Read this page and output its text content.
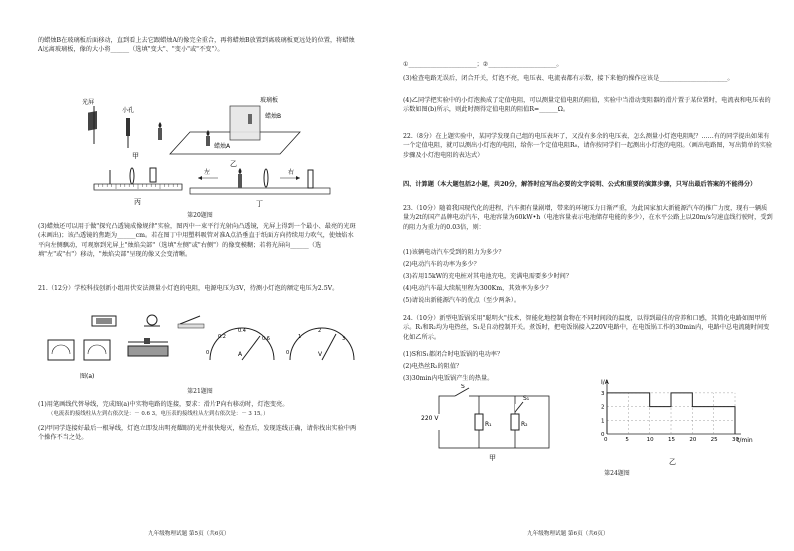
的蜡烛B在玻璃板后面移动，直到看上去它跟蜡烛A的像完全重合，再将蜡烛B放置到离玻璃板更远处的位置，将蜡烛A远离玻璃板，像的大小将______（选填"变大"、"变小"或"不变"）。
光屏
小孔
甲
玻璃板
蜡烛B
蜡烛A
乙
丙
左	右
丁
第20题图
(3)蜡烛还可以用于做"探究凸透镜成像规律"实验，图丙中一束平行光射向凸透镜，光屏上得到一个最小、最亮的光斑(未画出)；该凸透镜的焦距为______cm。若在图丁中用塑料吸管对准A点沿垂直于纸面方向持续用力吹气，使烛焰水平向左侧飘动，可观察到光屏上"烛焰尖部"（选填"左侧"或"右侧"）的像变模糊；若将光屏向______（选填"左"或"右"）移动，"烛焰尖部"呈现的像又会变清晰。
21.（12分）学校科技创新小组用伏安法测量小灯泡的电阻，电源电压为3V，待测小灯泡的额定电压为2.5V。
0
0.2
0.4
0.6
A	0
1
2
3
V
图(a)
第21题图
(1)用笔画线代替导线，完成图(a)中实物电路的连接，要求：滑片P向右移动时，灯泡变亮。
（电流表的接线柱从左到右依次是：－ 0.6 3，电压表的接线柱从左到右依次是：－ 3 15。）
(2)甲同学连接好最后一根导线，灯泡立即发出明亮耀眼的光并很快熄灭，检查后，发现连线正确，请你找出实验中两个操作不当之处。
九年级物理试题 第5页（共6页）
①______________________；②______________________。
(3)检查电路无误后，闭合开关，灯泡不亮，电压表、电流表都有示数，接下来他的操作应该是______________________。
(4)乙同学把实验中的小灯泡换成了定值电阻，可以测量定值电阻的阻值，实验中当滑动变阻器的滑片置于某位置时，电流表和电压表的示数如图(b)所示，则此时测得定值电阻的阻值R=______Ω。
22.（8分）在上题实验中，某同学发现自己组的电压表坏了，又没有多余的电压表，怎么测量小灯泡电阻呢？……有的同学提出如果有一个定值电阻，就可以测出小灯泡的电阻，给你一个定值电阻R₀，请你按同学们一起测出小灯泡的电阻。（画出电路图，写出简单的实验步骤及小灯泡电阻的表达式）
四、计算题（本大题包括2小题，共20分，解答时应写出必要的文字说明、公式和重要的演算步骤，只写出最后答案的不能得分）
23.（10分）随着我国现代化的进程，汽车拥有量剧增，带来的环境压力日渐严重，为此国家加大新能源汽车的推广力度，现有一辆质量为2t的国产品牌电动汽车，电池容量为60kW•h（电池容量表示电池储存电能的多少），在水平公路上以20m/s匀速直线行驶时，受到的阻力为重力的0.03倍，则：
(1)该辆电动汽车受到的阻力为多少？
(2)电动汽车的功率为多少？
(3)若用15kW的充电桩对其电池充电，充满电需要多少时间？
(4)电动汽车最大续航里程为300Km，其效率为多少？
(5)请说出新能源汽车的优点（至少两条）。
24.（10分）新型电饭锅采用"聪明火"技术，智能化地控制食物在不同时间段的温度，以得到最佳的营养和口感，其简化电路如图甲所示。R₁和R₂均为电热丝，S₁是自动控制开关。煮饭时，把电饭锅接入220V电路中，在电饭锅工作的30min内，电路中总电流随时间变化如乙所示。
(1)S和S₁都闭合时电饭锅的电功率？
(2)电热丝R₂的阻值？
(3)30min内电饭锅产生的热量。
220 V
S
S₁
R₁	R₂
甲
0
1
2
3
0	5	10	15	20	25	30
I/A
t/min
乙
第24题图
九年级物理试题 第6页（共6页）
